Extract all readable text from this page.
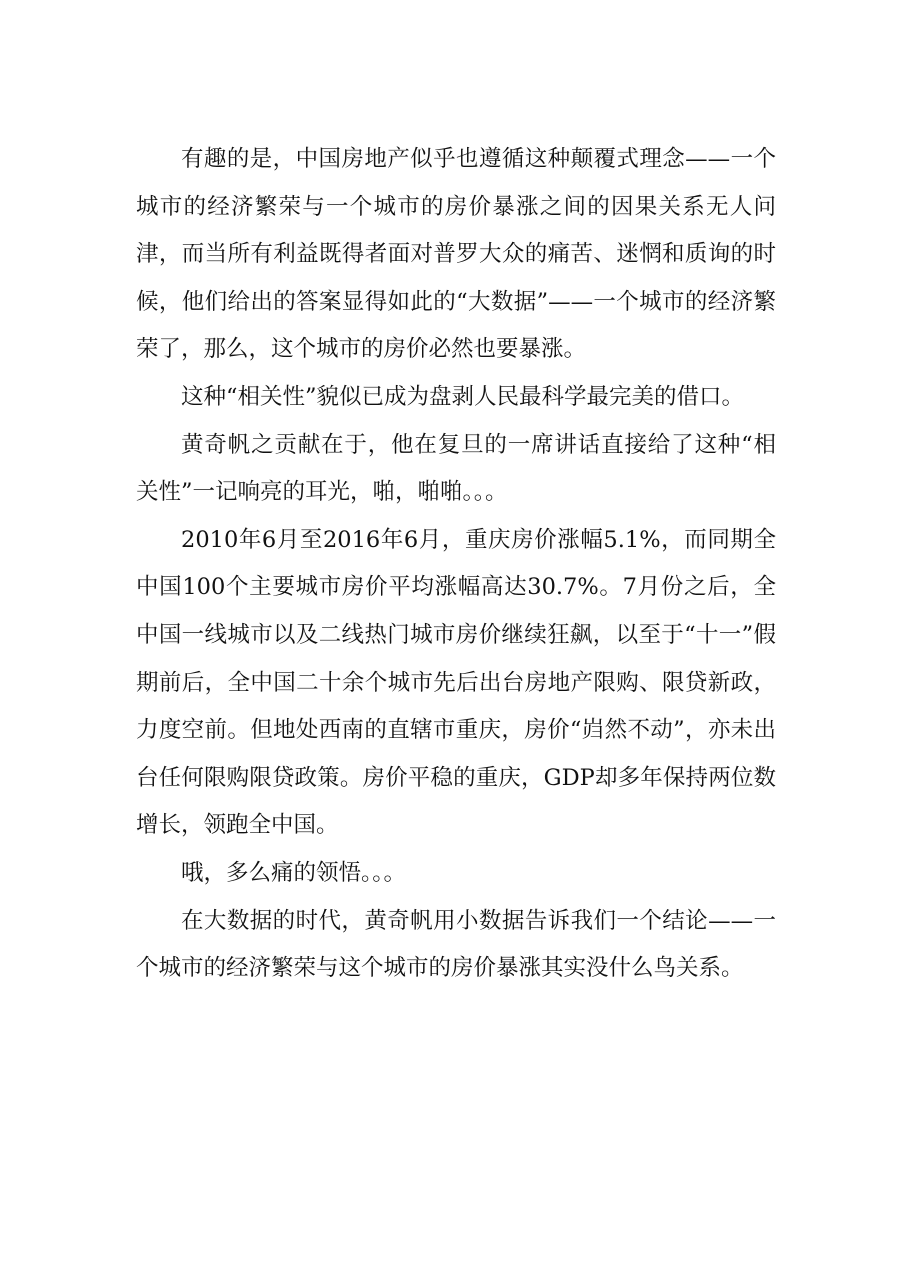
有趣的是，中国房地产似乎也遵循这种颠覆式理念——一个城市的经济繁荣与一个城市的房价暴涨之间的因果关系无人问津，而当所有利益既得者面对普罗大众的痛苦、迷惘和质询的时候，他们给出的答案显得如此的“大数据”——一个城市的经济繁荣了，那么，这个城市的房价必然也要暴涨。

这种“相关性”貌似已成为盘剥人民最科学最完美的借口。

黄奇帆之贡献在于，他在复旦的一席讲话直接给了这种“相关性”一记响亮的耳光，啪，啪啪。。。

2010年6月至2016年6月，重庆房价涨幅5.1%，而同期全中国100个主要城市房价平均涨幅高达30.7%。7月份之后，全中国一线城市以及二线热门城市房价继续狂飙，以至于“十一”假期前后，全中国二十余个城市先后出台房地产限购、限贷新政，力度空前。但地处西南的直辖市重庆，房价“岿然不动”，亦未出台任何限购限贷政策。房价平稳的重庆，GDP却多年保持两位数增长，领跑全中国。

哦，多么痛的领悟。。。

在大数据的时代，黄奇帆用小数据告诉我们一个结论——一个城市的经济繁荣与这个城市的房价暴涨其实没什么鸟关系。
